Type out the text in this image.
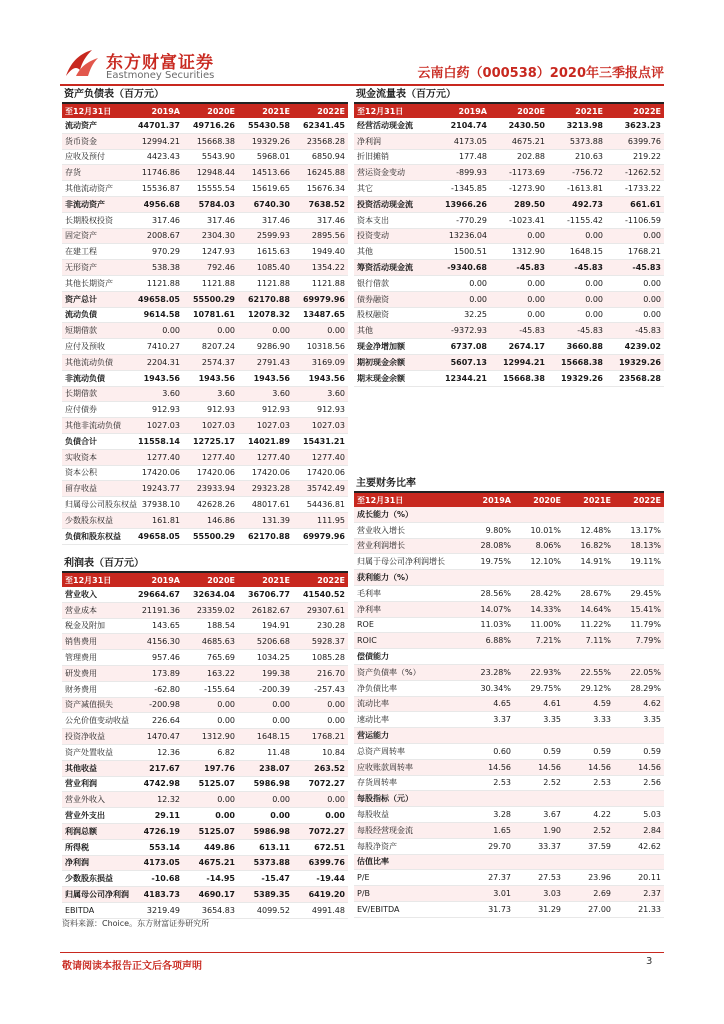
东方财富证券
Eastmoney Securities	云南白药（000538）2020年三季报点评
资产负债表（百万元）
至12月31日	2019A	2020E	2021E	2022E
流动资产	44701.37	49716.26	55430.58	62341.45
货币资金	12994.21	15668.38	19329.26	23568.28
应收及预付	4423.43	5543.90	5968.01	6850.94
存货	11746.86	12948.44	14513.66	16245.88
其他流动资产	15536.87	15555.54	15619.65	15676.34
非流动资产	4956.68	5784.03	6740.30	7638.52
长期股权投资	317.46	317.46	317.46	317.46
固定资产	2008.67	2304.30	2599.93	2895.56
在建工程	970.29	1247.93	1615.63	1949.40
无形资产	538.38	792.46	1085.40	1354.22
其他长期资产	1121.88	1121.88	1121.88	1121.88
资产总计	49658.05	55500.29	62170.88	69979.96
流动负债	9614.58	10781.61	12078.32	13487.65
短期借款	0.00	0.00	0.00	0.00
应付及预收	7410.27	8207.24	9286.90	10318.56
其他流动负债	2204.31	2574.37	2791.43	3169.09
非流动负债	1943.56	1943.56	1943.56	1943.56
长期借款	3.60	3.60	3.60	3.60
应付债券	912.93	912.93	912.93	912.93
其他非流动负债	1027.03	1027.03	1027.03	1027.03
负债合计	11558.14	12725.17	14021.89	15431.21
实收资本	1277.40	1277.40	1277.40	1277.40
资本公积	17420.06	17420.06	17420.06	17420.06
留存收益	19243.77	23933.94	29323.28	35742.49
归属母公司股东权益	37938.10	42628.26	48017.61	54436.81
少数股东权益	161.81	146.86	131.39	111.95
负债和股东权益	49658.05	55500.29	62170.88	69979.96
利润表（百万元）
至12月31日	2019A	2020E	2021E	2022E
营业收入	29664.67	32634.04	36706.77	41540.52
营业成本	21191.36	23359.02	26182.67	29307.61
税金及附加	143.65	188.54	194.91	230.28
销售费用	4156.30	4685.63	5206.68	5928.37
管理费用	957.46	765.69	1034.25	1085.28
研发费用	173.89	163.22	199.38	216.70
财务费用	-62.80	-155.64	-200.39	-257.43
资产减值损失	-200.98	0.00	0.00	0.00
公允价值变动收益	226.64	0.00	0.00	0.00
投资净收益	1470.47	1312.90	1648.15	1768.21
资产处置收益	12.36	6.82	11.48	10.84
其他收益	217.67	197.76	238.07	263.52
营业利润	4742.98	5125.07	5986.98	7072.27
营业外收入	12.32	0.00	0.00	0.00
营业外支出	29.11	0.00	0.00	0.00
利润总额	4726.19	5125.07	5986.98	7072.27
所得税	553.14	449.86	613.11	672.51
净利润	4173.05	4675.21	5373.88	6399.76
少数股东损益	-10.68	-14.95	-15.47	-19.44
归属母公司净利润	4183.73	4690.17	5389.35	6419.20
EBITDA	3219.49	3654.83	4099.52	4991.48
现金流量表（百万元）
至12月31日	2019A	2020E	2021E	2022E
经营活动现金流	2104.74	2430.50	3213.98	3623.23
净利润	4173.05	4675.21	5373.88	6399.76
折旧摊销	177.48	202.88	210.63	219.22
营运资金变动	-899.93	-1173.69	-756.72	-1262.52
其它	-1345.85	-1273.90	-1613.81	-1733.22
投资活动现金流	13966.26	289.50	492.73	661.61
资本支出	-770.29	-1023.41	-1155.42	-1106.59
投资变动	13236.04	0.00	0.00	0.00
其他	1500.51	1312.90	1648.15	1768.21
筹资活动现金流	-9340.68	-45.83	-45.83	-45.83
银行借款	0.00	0.00	0.00	0.00
债券融资	0.00	0.00	0.00	0.00
股权融资	32.25	0.00	0.00	0.00
其他	-9372.93	-45.83	-45.83	-45.83
现金净增加额	6737.08	2674.17	3660.88	4239.02
期初现金余额	5607.13	12994.21	15668.38	19329.26
期末现金余额	12344.21	15668.38	19329.26	23568.28
主要财务比率
至12月31日	2019A	2020E	2021E	2022E
成长能力（%）				
营业收入增长	9.80%	10.01%	12.48%	13.17%
营业利润增长	28.08%	8.06%	16.82%	18.13%
归属于母公司净利润增长	19.75%	12.10%	14.91%	19.11%
获利能力（%）				
毛利率	28.56%	28.42%	28.67%	29.45%
净利率	14.07%	14.33%	14.64%	15.41%
ROE	11.03%	11.00%	11.22%	11.79%
ROIC	6.88%	7.21%	7.11%	7.79%
偿债能力				
资产负债率（%）	23.28%	22.93%	22.55%	22.05%
净负债比率	30.34%	29.75%	29.12%	28.29%
流动比率	4.65	4.61	4.59	4.62
速动比率	3.37	3.35	3.33	3.35
营运能力				
总资产周转率	0.60	0.59	0.59	0.59
应收账款周转率	14.56	14.56	14.56	14.56
存货周转率	2.53	2.52	2.53	2.56
每股指标（元）				
每股收益	3.28	3.67	4.22	5.03
每股经营现金流	1.65	1.90	2.52	2.84
每股净资产	29.70	33.37	37.59	42.62
估值比率				
P/E	27.37	27.53	23.96	20.11
P/B	3.01	3.03	2.69	2.37
EV/EBITDA	31.73	31.29	27.00	21.33
资料来源：Choice。东方财富证券研究所
敬请阅读本报告正文后各项声明	3
